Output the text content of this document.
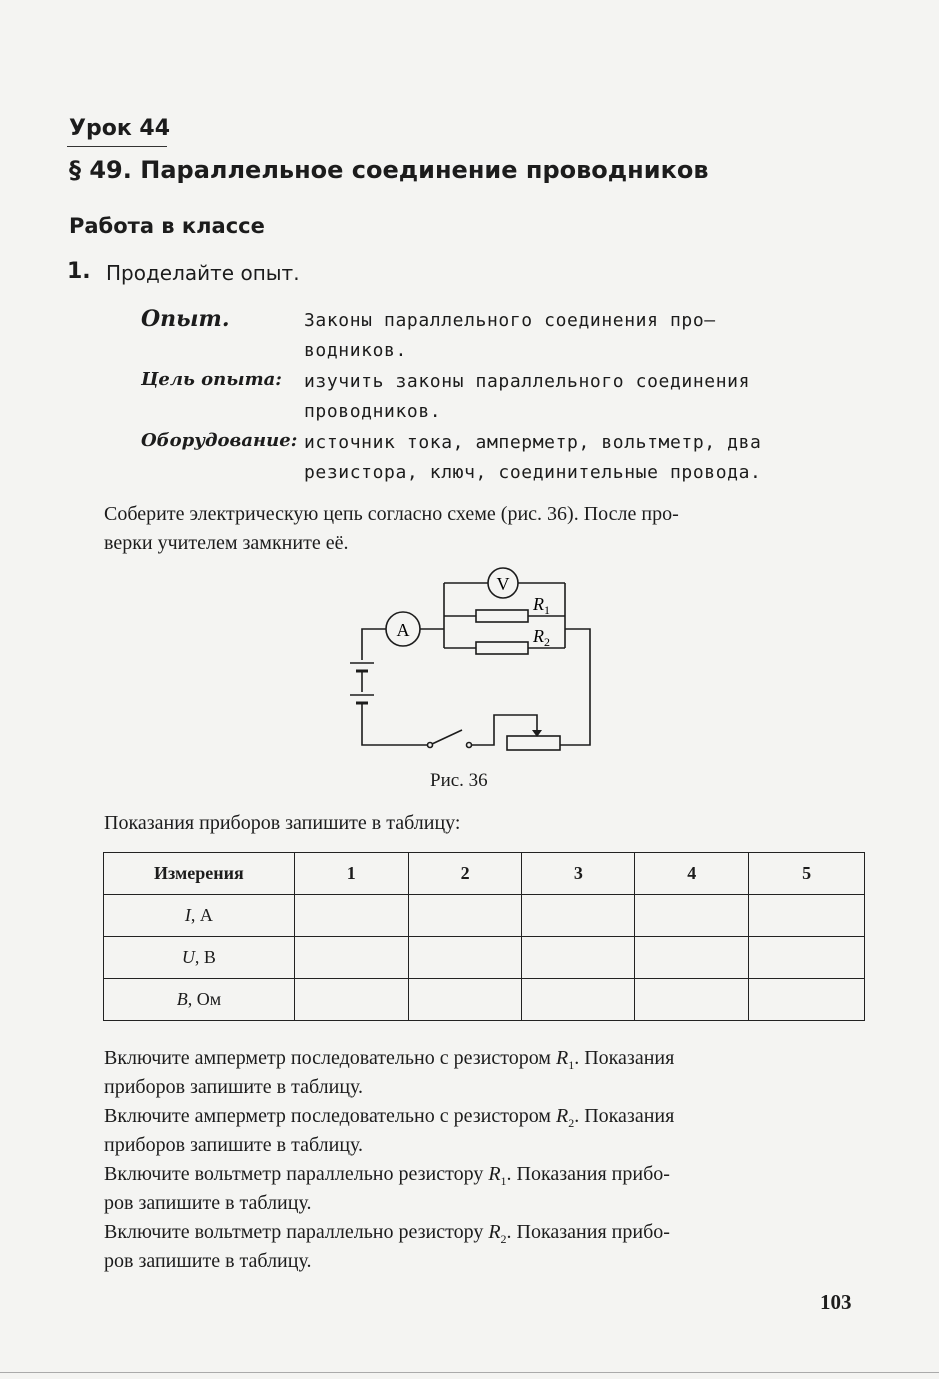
Урок 44
§ 49. Параллельное соединение проводников
Работа в классе
1. Проделайте опыт.
Опыт.	Законы параллельного соединения про–
водников.
Цель опыта: изучить законы параллельного соединения
проводников.
Оборудование: источник тока, амперметр, вольтметр, два
резистора, ключ, соединительные провода.
Соберите электрическую цепь согласно схеме (рис. 36). После про-
верки учителем замкните её.
V
A
$R_1$
$R_2$
Рис. 36
Показания приборов запишите в таблицу:
Измерения	1	2	3	4	5
I, А					
U, В					
B, Ом					
Включите амперметр последовательно с резистором $R_1$. Показания
приборов запишите в таблицу.
Включите амперметр последовательно с резистором $R_2$. Показания
приборов запишите в таблицу.
Включите вольтметр параллельно резистору $R_1$. Показания прибо-
ров запишите в таблицу.
Включите вольтметр параллельно резистору $R_2$. Показания прибо-
ров запишите в таблицу.
103
